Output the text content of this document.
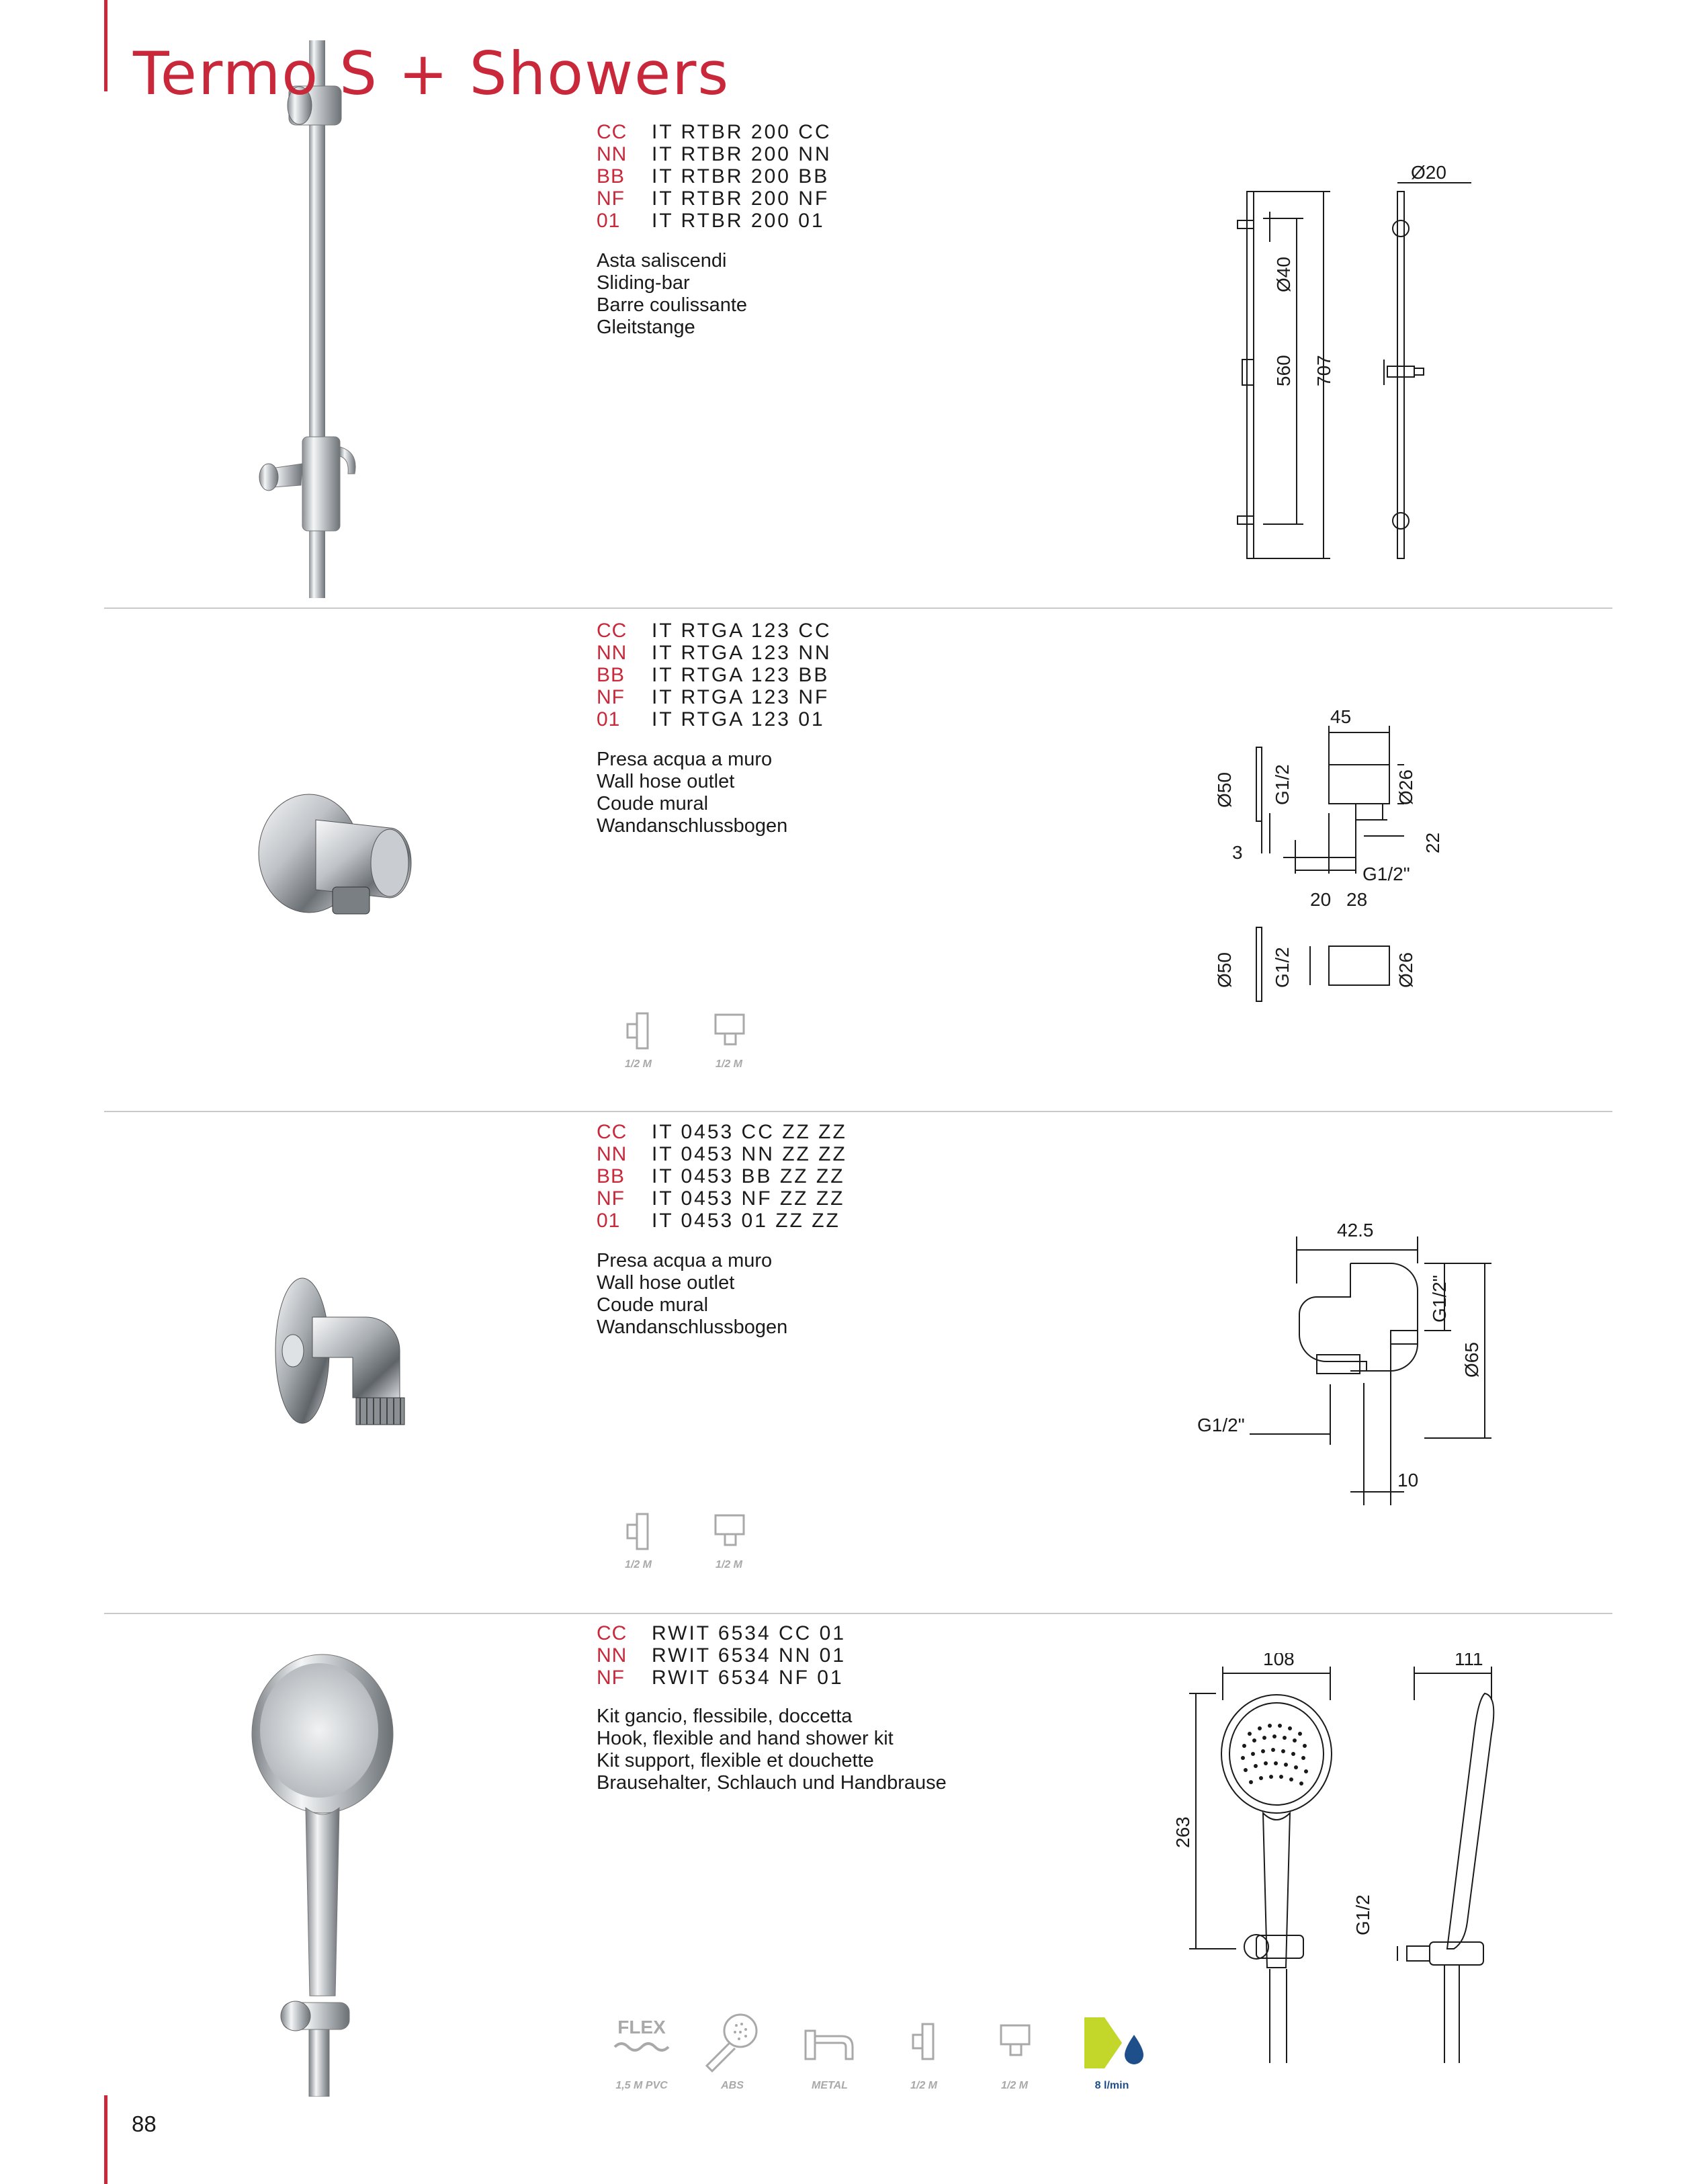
Termo S + Showers
CC	IT RTBR 200 CC
NN	IT RTBR 200 NN
BB	IT RTBR 200 BB
NF	IT RTBR 200 NF
01	IT RTBR 200 01
Asta saliscendi
Sliding-bar
Barre coulissante
Gleitstange
Ø20
Ø40
560 707
CC	IT RTGA 123 CC
NN	IT RTGA 123 NN
BB	IT RTGA 123 BB
NF	IT RTGA 123 NF
01	IT RTGA 123 01
Presa acqua a muro
Wall hose outlet
Coude mural
Wandanschlussbogen
45
Ø50 G1/2	Ø26
22
3
G1/2"
20 28
Ø50 G1/2	Ø26
1/2 M	1/2 M
CC	IT 0453 CC ZZ ZZ
NN	IT 0453 NN ZZ ZZ
BB	IT 0453 BB ZZ ZZ
NF	IT 0453 NF ZZ ZZ
01	IT 0453 01 ZZ ZZ
Presa acqua a muro
Wall hose outlet
Coude mural
Wandanschlussbogen
42.5
G1/2"
Ø65
G1/2"
10
1/2 M	1/2 M
CC	RWIT 6534 CC 01
NN	RWIT 6534 NN 01
NF	RWIT 6534 NF 01
Kit gancio, flessibile, doccetta
Hook, flexible and hand shower kit
Kit support, flexible et douchette
Brausehalter, Schlauch und Handbrause
108	111
263
G1/2
FLEX
1,5 M PVC	ABS	METAL	1/2 M	1/2 M	8 l/min
88
